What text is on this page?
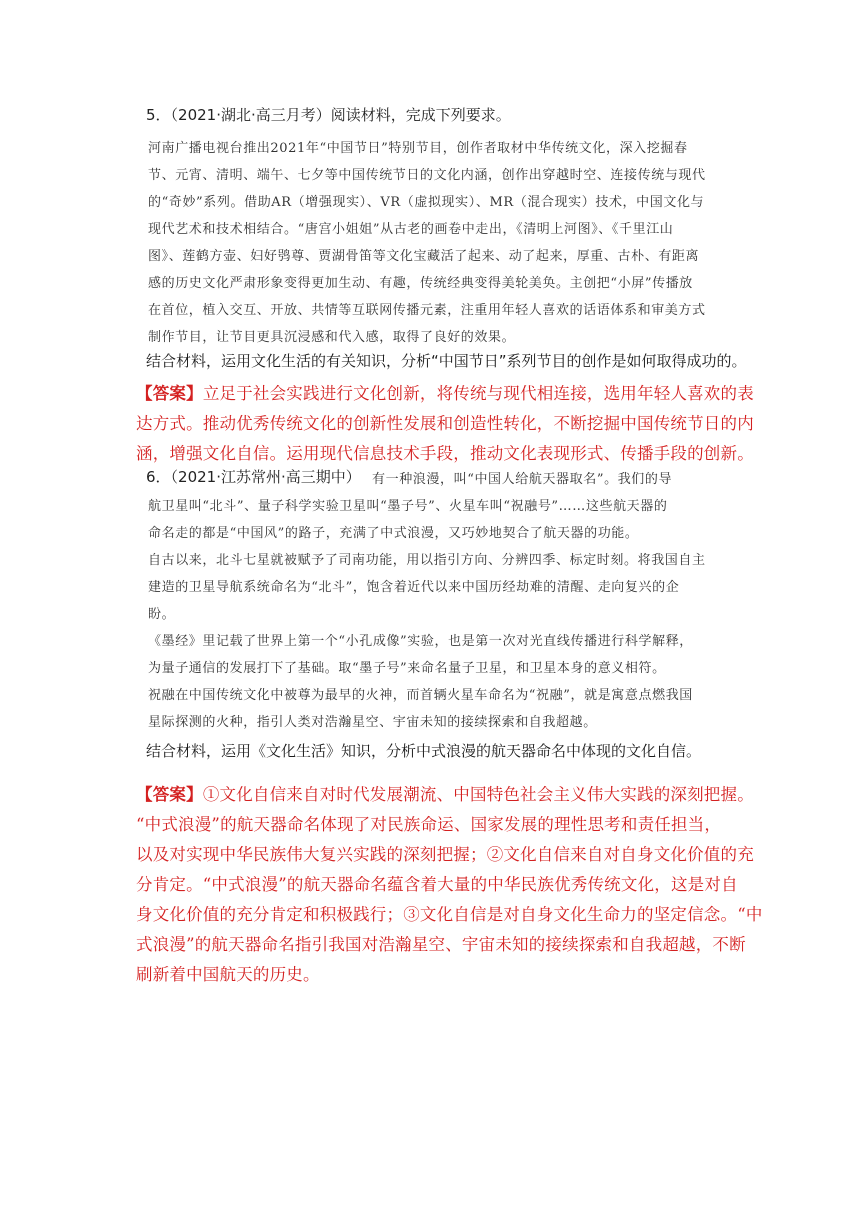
5．（2021·湖北·高三月考）阅读材料，完成下列要求。
河南广播电视台推出2021年“中国节日”特别节目，创作者取材中华传统文化，深入挖掘春
节、元宵、清明、端午、七夕等中国传统节日的文化内涵，创作出穿越时空、连接传统与现代
的“奇妙”系列。借助AR（增强现实）、VR（虚拟现实）、MR（混合现实）技术，中国文化与
现代艺术和技术相结合。“唐宫小姐姐”从古老的画卷中走出，《清明上河图》、《千里江山
图》、莲鹤方壶、妇好鸮尊、贾湖骨笛等文化宝藏活了起来、动了起来，厚重、古朴、有距离
感的历史文化严肃形象变得更加生动、有趣，传统经典变得美轮美奂。主创把“小屏”传播放
在首位，植入交互、开放、共情等互联网传播元素，注重用年轻人喜欢的话语体系和审美方式
制作节目，让节目更具沉浸感和代入感，取得了良好的效果。
结合材料，运用文化生活的有关知识，分析“中国节日”系列节目的创作是如何取得成功的。
【答案】立足于社会实践进行文化创新，将传统与现代相连接，选用年轻人喜欢的表
达方式。推动优秀传统文化的创新性发展和创造性转化，不断挖掘中国传统节日的内
涵，增强文化自信。运用现代信息技术手段，推动文化表现形式、传播手段的创新。
6．（2021·江苏常州·高三期中） 有一种浪漫，叫“中国人给航天器取名”。我们的导
航卫星叫“北斗”、量子科学实验卫星叫“墨子号”、火星车叫“祝融号”……这些航天器的
命名走的都是“中国风”的路子，充满了中式浪漫，又巧妙地契合了航天器的功能。
自古以来，北斗七星就被赋予了司南功能，用以指引方向、分辨四季、标定时刻。将我国自主
建造的卫星导航系统命名为“北斗”，饱含着近代以来中国历经劫难的清醒、走向复兴的企
盼。
《墨经》里记载了世界上第一个“小孔成像”实验，也是第一次对光直线传播进行科学解释，
为量子通信的发展打下了基础。取“墨子号”来命名量子卫星，和卫星本身的意义相符。
祝融在中国传统文化中被尊为最早的火神，而首辆火星车命名为“祝融”，就是寓意点燃我国
星际探测的火种，指引人类对浩瀚星空、宇宙未知的接续探索和自我超越。
结合材料，运用《文化生活》知识，分析中式浪漫的航天器命名中体现的文化自信。
【答案】①文化自信来自对时代发展潮流、中国特色社会主义伟大实践的深刻把握。
“中式浪漫”的航天器命名体现了对民族命运、国家发展的理性思考和责任担当，
以及对实现中华民族伟大复兴实践的深刻把握；②文化自信来自对自身文化价值的充
分肯定。“中式浪漫”的航天器命名蕴含着大量的中华民族优秀传统文化，这是对自
身文化价值的充分肯定和积极践行；③文化自信是对自身文化生命力的坚定信念。“中
式浪漫”的航天器命名指引我国对浩瀚星空、宇宙未知的接续探索和自我超越，不断
刷新着中国航天的历史。
